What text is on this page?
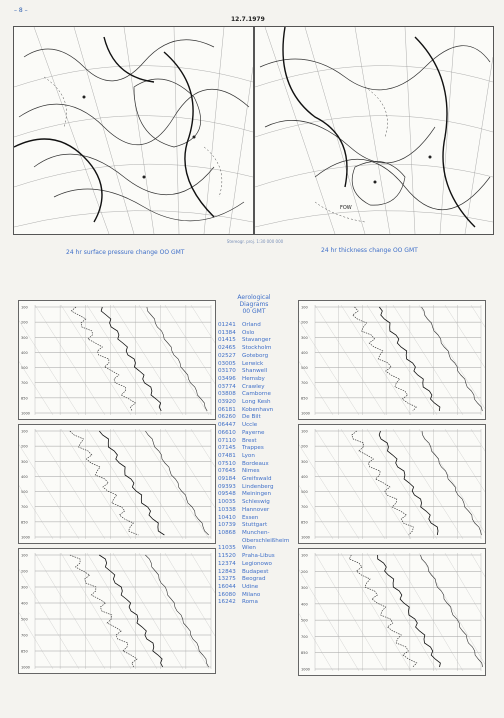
– 8 –
12.7.1979
FOW
Stereogr. proj. 1:30 000 000
24 hr surface pressure change OO GMT	24 hr thickness change OO GMT
100
200
300
400
500
700
850
1000
100
200
300
400
500
700
850
1000
100
200
300
400
500
700
850
1000
Aerological
Diagrams
00 GMT
01241 Orland
01384 Oslo
01415 Stavanger
02465 Stockholm
02527 Goteborg
03005 Lerwick
03170 Shanwell
03496 Hemsby
03774 Crawley
03808 Camborne
03920 Long Kesh
06181 Kobenhavn
06260 De Bilt
06447 Uccle
06610 Payerne
07110 Brest
07145 Trappes
07481 Lyon
07510 Bordeaux
07645 Nimes
09184 Greifswald
09393 Lindenberg
09548 Meiningen
10035 Schleswig
10338 Hannover
10410 Essen
10739 Stuttgart
10868 Munchen-
Oberschleißheim
11035 Wien
11520 Praha-Libus
12374 Legionowo
12843 Budapest
13275 Beograd
16044 Udine
16080 Milano
16242 Roma
100
200
300
400
500
700
850
1000
100
200
300
400
500
700
850
1000
100
200
300
400
500
700
850
1000
